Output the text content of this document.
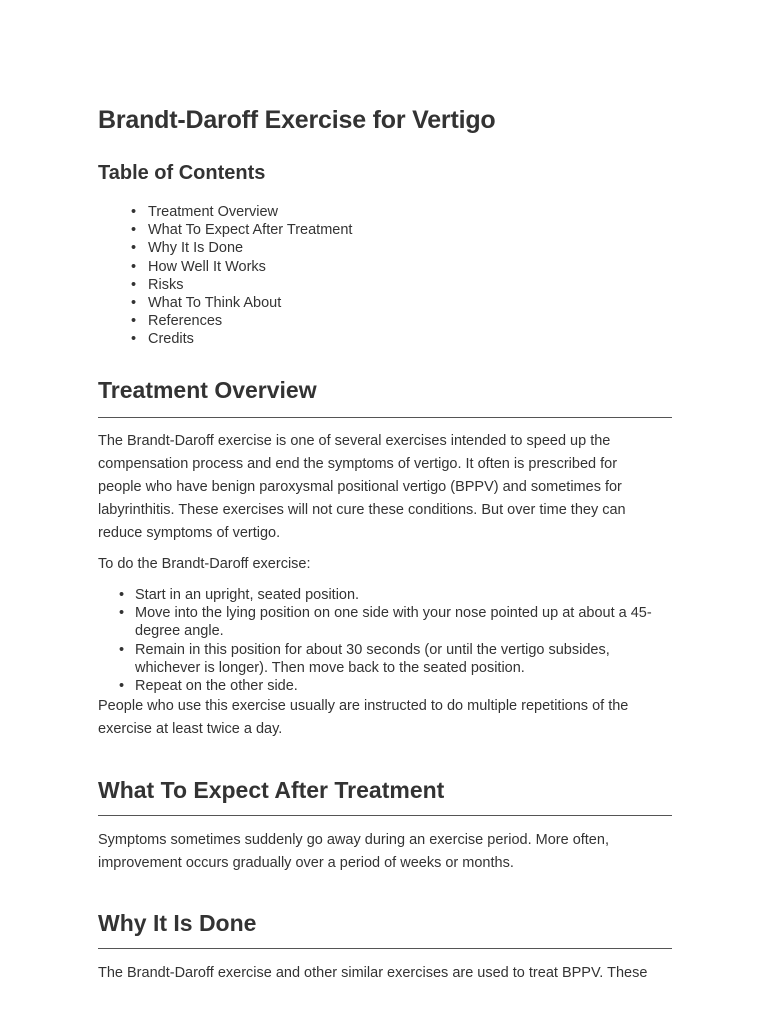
Brandt-Daroff Exercise for Vertigo
Table of Contents
• Treatment Overview
• What To Expect After Treatment
• Why It Is Done
• How Well It Works
• Risks
• What To Think About
• References
• Credits
Treatment Overview

The Brandt-Daroff exercise is one of several exercises intended to speed up the compensation process and end the symptoms of vertigo. It often is prescribed for people who have benign paroxysmal positional vertigo (BPPV) and sometimes for labyrinthitis. These exercises will not cure these conditions. But over time they can reduce symptoms of vertigo.

To do the Brandt-Daroff exercise:

• Start in an upright, seated position.
• Move into the lying position on one side with your nose pointed up at about a 45-degree angle.
• Remain in this position for about 30 seconds (or until the vertigo subsides, whichever is longer). Then move back to the seated position.
• Repeat on the other side.

People who use this exercise usually are instructed to do multiple repetitions of the exercise at least twice a day.

What To Expect After Treatment

Symptoms sometimes suddenly go away during an exercise period. More often, improvement occurs gradually over a period of weeks or months.

Why It Is Done

The Brandt-Daroff exercise and other similar exercises are used to treat BPPV. These
